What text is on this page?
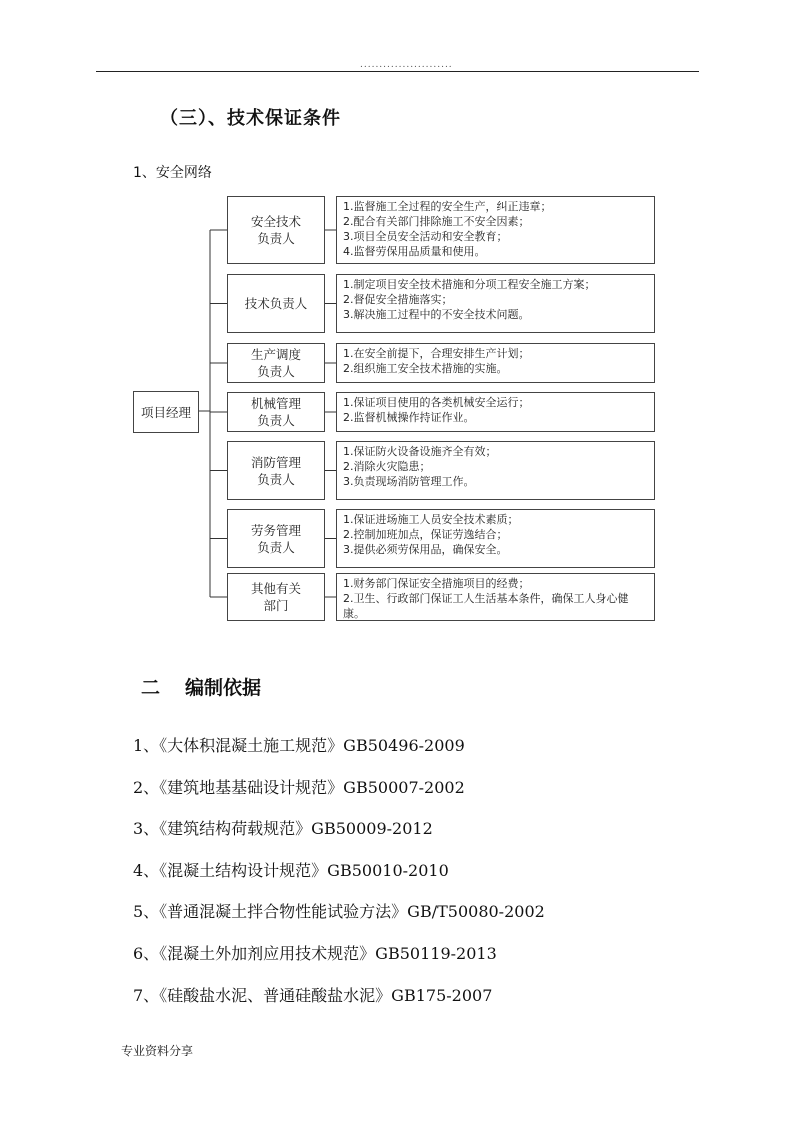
........................
（三）、技术保证条件
1、安全网络
项目经理
安全技术
负责人
1.监督施工全过程的安全生产，纠正违章；
2.配合有关部门排除施工不安全因素；
3.项目全员安全活动和安全教育；
4.监督劳保用品质量和使用。
技术负责人
1.制定项目安全技术措施和分项工程安全施工方案；
2.督促安全措施落实；
3.解决施工过程中的不安全技术问题。
生产调度
负责人
1.在安全前提下，合理安排生产计划；
2.组织施工安全技术措施的实施。
机械管理
负责人
1.保证项目使用的各类机械安全运行；
2.监督机械操作持证作业。
消防管理
负责人
1.保证防火设备设施齐全有效；
2.消除火灾隐患；
3.负责现场消防管理工作。
劳务管理
负责人
1.保证进场施工人员安全技术素质；
2.控制加班加点，保证劳逸结合；
3.提供必须劳保用品，确保安全。
其他有关
部门
1.财务部门保证安全措施项目的经费；
2.卫生、行政部门保证工人生活基本条件，确保工人身心健康。
二	编制依据
1、《大体积混凝土施工规范》GB50496-2009
2、《建筑地基基础设计规范》GB50007-2002
3、《建筑结构荷载规范》GB50009-2012
4、《混凝土结构设计规范》GB50010-2010
5、《普通混凝土拌合物性能试验方法》GB/T50080-2002
6、《混凝土外加剂应用技术规范》GB50119-2013
7、《硅酸盐水泥、普通硅酸盐水泥》GB175-2007
专业资料分享
